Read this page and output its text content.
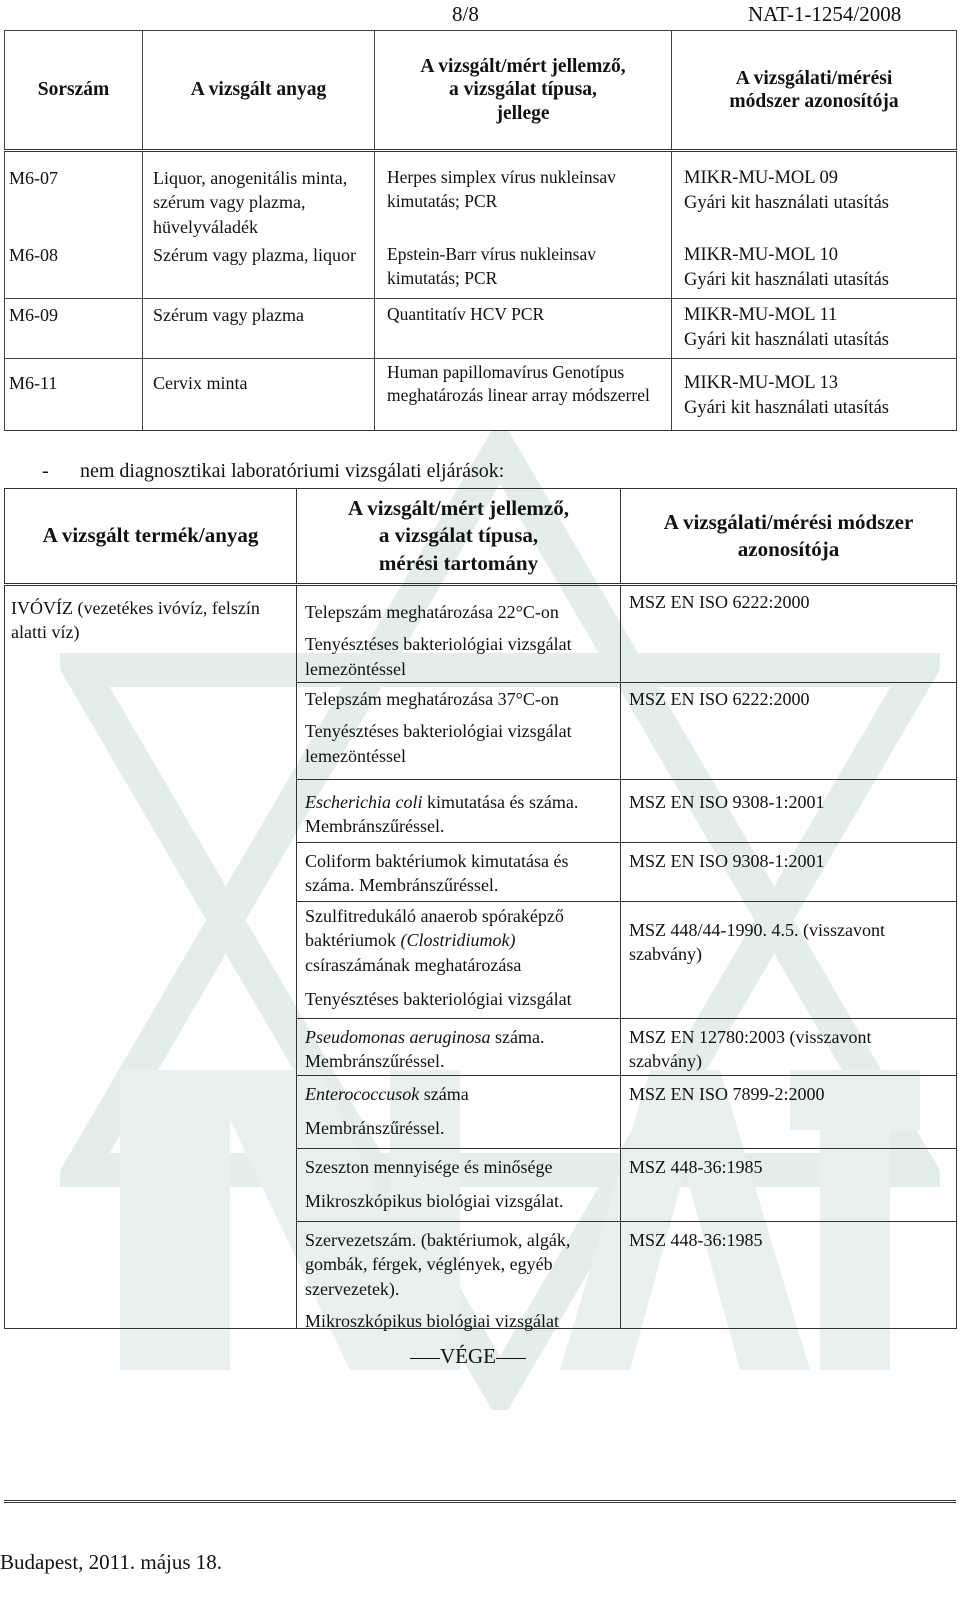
8/8	NAT-1-1254/2008
Sorszám	A vizsgált anyag	A vizsgált/mért jellemző,
a vizsgálat típusa,
jellege	A vizsgálati/mérési
módszer azonosítója
M6-07	Liquor, anogenitális minta, szérum vagy plazma, hüvelyváladék	Herpes simplex vírus nukleinsav kimutatás; PCR	MIKR-MU-MOL 09
Gyári kit használati utasítás

M6-08	Szérum vagy plazma, liquor	Epstein-Barr vírus nukleinsav kimutatás; PCR	MIKR-MU-MOL 10
Gyári kit használati utasítás

M6-09	Szérum vagy plazma	Quantitatív HCV PCR	MIKR-MU-MOL 11
Gyári kit használati utasítás

M6-11	Cervix minta	Human papillomavírus Genotípus meghatározás linear array módszerrel	MIKR-MU-MOL 13
Gyári kit használati utasítás
- nem diagnosztikai laboratóriumi vizsgálati eljárások:
A vizsgált termék/anyag	A vizsgált/mért jellemző,
a vizsgálat típusa,
mérési tartomány	A vizsgálati/mérési módszer
azonosítója
IVÓVÍZ (vezetékes ivóvíz, felszín alatti víz)	Telepszám meghatározása 22°C-on
Tenyésztéses bakteriológiai vizsgálat lemezöntéssel	MSZ EN ISO 6222:2000

	Telepszám meghatározása 37°C-on
Tenyésztéses bakteriológiai vizsgálat lemezöntéssel	MSZ EN ISO 6222:2000

	Escherichia coli kimutatása és száma. Membránszűréssel.	MSZ EN ISO 9308-1:2001

	Coliform baktériumok kimutatása és száma. Membránszűréssel.	MSZ EN ISO 9308-1:2001

	Szulfitredukáló anaerob spóraképző baktériumok (Clostridiumok) csíraszámának meghatározása
Tenyésztéses bakteriológiai vizsgálat	MSZ 448/44-1990. 4.5. (visszavont szabvány)

	Pseudomonas aeruginosa száma. Membránszűréssel.	MSZ EN 12780:2003 (visszavont szabvány)

	Enterococcusok száma
Membránszűréssel.	MSZ EN ISO 7899-2:2000

	Szeszton mennyisége és minősége
Mikroszkópikus biológiai vizsgálat.	MSZ 448-36:1985

	Szervezetszám. (baktériumok, algák, gombák, férgek, véglények, egyéb szervezetek).
Mikroszkópikus biológiai vizsgálat	MSZ 448-36:1985
VÉGE
Budapest, 2011. május 18.
